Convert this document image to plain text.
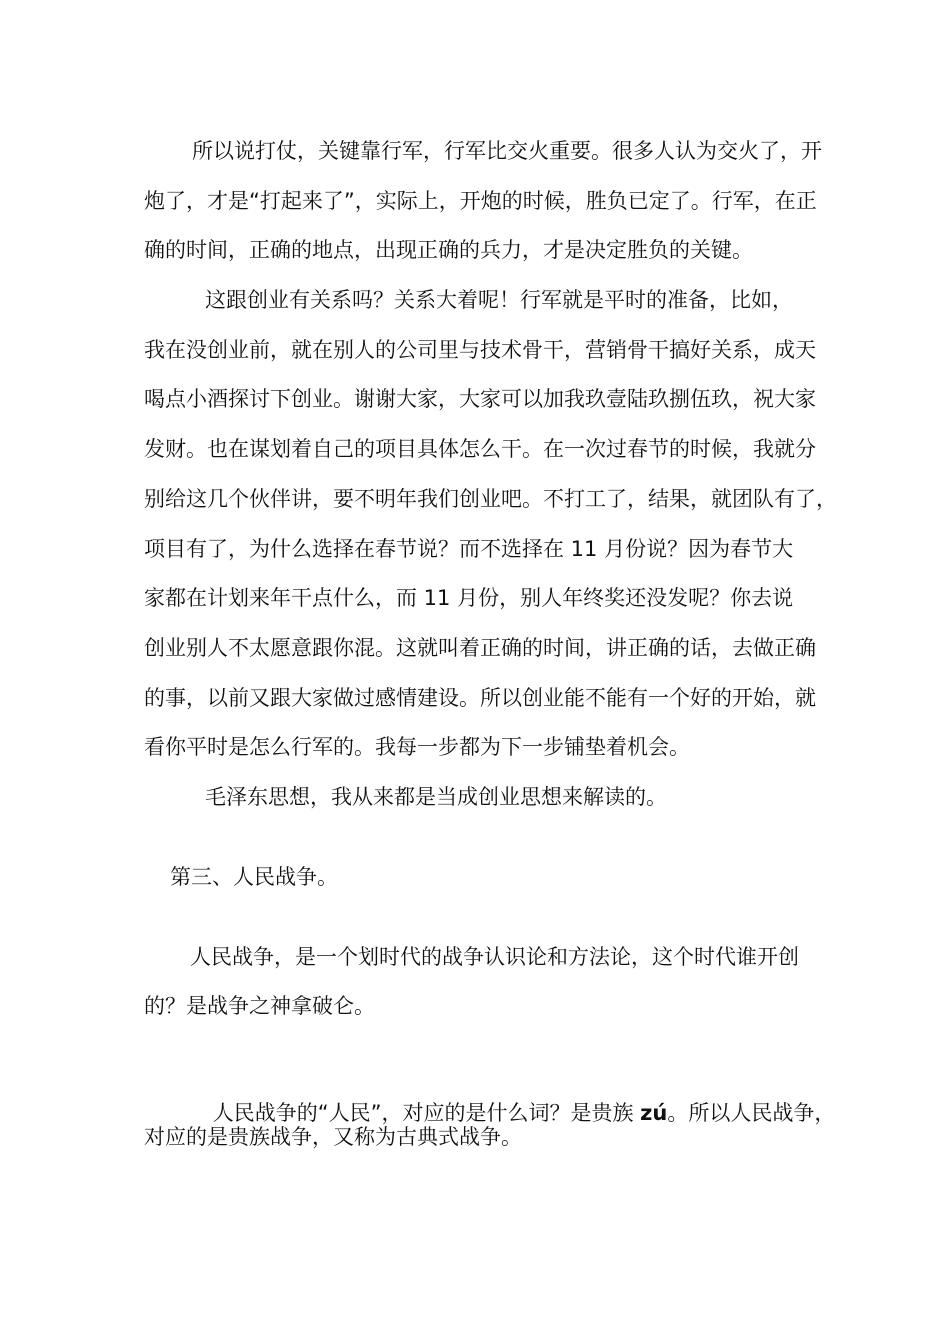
所以说打仗，关键靠行军，行军比交火重要。很多人认为交火了，开
炮了，才是“打起来了”，实际上，开炮的时候，胜负已定了。行军，在正
确的时间，正确的地点，出现正确的兵力，才是决定胜负的关键。
这跟创业有关系吗？关系大着呢！行军就是平时的准备，比如，
我在没创业前，就在别人的公司里与技术骨干，营销骨干搞好关系，成天
喝点小酒探讨下创业。谢谢大家，大家可以加我玖壹陆玖捌伍玖，祝大家
发财。也在谋划着自己的项目具体怎么干。在一次过春节的时候，我就分
别给这几个伙伴讲，要不明年我们创业吧。不打工了，结果，就团队有了，
项目有了，为什么选择在春节说？而不选择在 11 月份说？因为春节大
家都在计划来年干点什么，而 11 月份，别人年终奖还没发呢？你去说
创业别人不太愿意跟你混。这就叫着正确的时间，讲正确的话，去做正确
的事，以前又跟大家做过感情建设。所以创业能不能有一个好的开始，就
看你平时是怎么行军的。我每一步都为下一步铺垫着机会。
毛泽东思想，我从来都是当成创业思想来解读的。
第三、人民战争。
人民战争，是一个划时代的战争认识论和方法论，这个时代谁开创
的？是战争之神拿破仑。

人民战争的“人民”，对应的是什么词？是贵族 zú。所以人民战争，

对应的是贵族战争，又称为古典式战争。
